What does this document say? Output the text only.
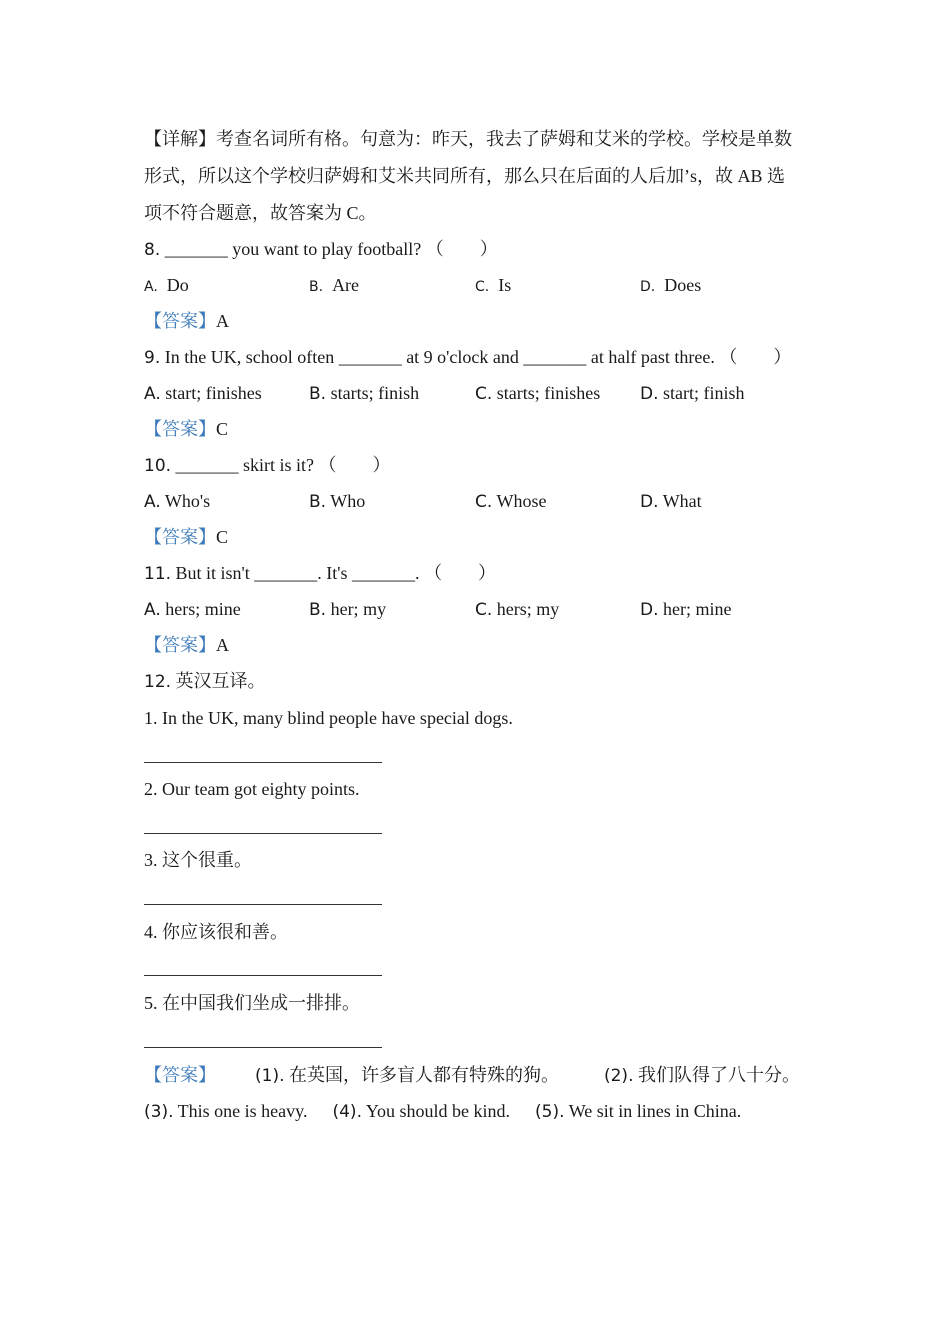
【详解】考查名词所有格。句意为：昨天，我去了萨姆和艾米的学校。学校是单数
形式，所以这个学校归萨姆和艾米共同所有，那么只在后面的人后加’s，故 AB 选
项不符合题意，故答案为 C。
8. _______ you want to play football? （　　）
A. Do	B. Are	C. Is	D. Does
【答案】A
9. In the UK, school often _______ at 9 o'clock and _______ at half past three. （　　）
A. start; finishes	B. starts; finish	C. starts; finishes D. start; finish
【答案】C
10. _______ skirt is it? （　　）
A. Who's	B. Who	C. Whose	D. What
【答案】C
11. But it isn't _______. It's _______. （　　）
A. hers; mine	B. her; my	C. hers; my	D. her; mine
【答案】A
12. 英汉互译。
1. In the UK, many blind people have special dogs.
2. Our team got eighty points.
3. 这个很重。
4. 你应该很和善。
5. 在中国我们坐成一排排。
【答案】 (1). 在英国，许多盲人都有特殊的狗。	(2). 我们队得了八十分。
(3). This one is heavy. (4). You should be kind. (5). We sit in lines in China.
